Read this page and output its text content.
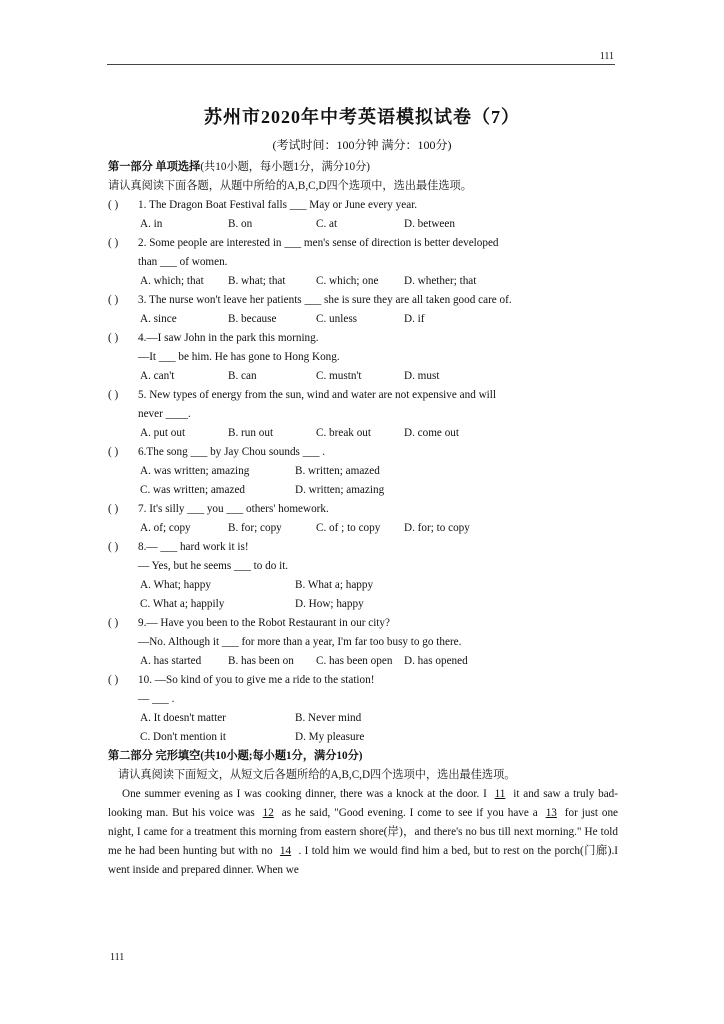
111
苏州市2020年中考英语模拟试卷（7）
(考试时间：100分钟 满分：100分)
第一部分 单项选择(共10小题，每小题1分，满分10分)
请认真阅读下面各题，从题中所给的A,B,C,D四个选项中，选出最佳选项。
( )	1. The Dragon Boat Festival falls ___ May or June every year.
A. in	B. on	C. at	D. between
( )	2. Some people are interested in ___ men's sense of direction is better developed
than ___ of women.
A. which; that	B. what; that	C. which; one	D. whether; that
( )	3. The nurse won't leave her patients ___ she is sure they are all taken good care of.
A. since	B. because	C. unless	D. if
( )	4.—I saw John in the park this morning.
—It ___ be him. He has gone to Hong Kong.
A. can't	B. can	C. mustn't	D. must
( )	5. New types of energy from the sun, wind and water are not expensive and will
never ____.
A. put out	B. run out	C. break out	D. come out
( )	6.The song ___ by Jay Chou sounds ___ .
A. was written; amazing	B. written; amazed
C. was written; amazed	D. written; amazing
( )	7. It's silly ___ you ___ others' homework.
A. of; copy	B. for; copy	C. of ; to copy	D. for; to copy
( )	8.— ___ hard work it is!
— Yes, but he seems ___ to do it.
A. What; happy	B. What a; happy
C. What a; happily	D. How; happy
( )	9.— Have you been to the Robot Restaurant in our city?
—No. Although it ___ for more than a year, I'm far too busy to go there.
A. has started	B. has been on	C. has been open	D. has opened
( )	10. —So kind of you to give me a ride to the station!
— ___ .
A. It doesn't matter	B. Never mind
C. Don't mention it	D. My pleasure
第二部分 完形填空(共10小题;每小题1分，满分10分)
请认真阅读下面短文，从短文后各题所给的A,B,C,D四个选项中，选出最佳选项。
One summer evening as I was cooking dinner, there was a knock at the door. I 11 it and saw a truly bad-looking man. But his voice was 12 as he said, "Good evening. I come to see if you have a 13 for just one night, I came for a treatment this morning from eastern shore(岸)，and there's no bus till next morning." He told me he had been hunting but with no 14 . I told him we would find him a bed, but to rest on the porch(门廊).I went inside and prepared dinner. When we
111
